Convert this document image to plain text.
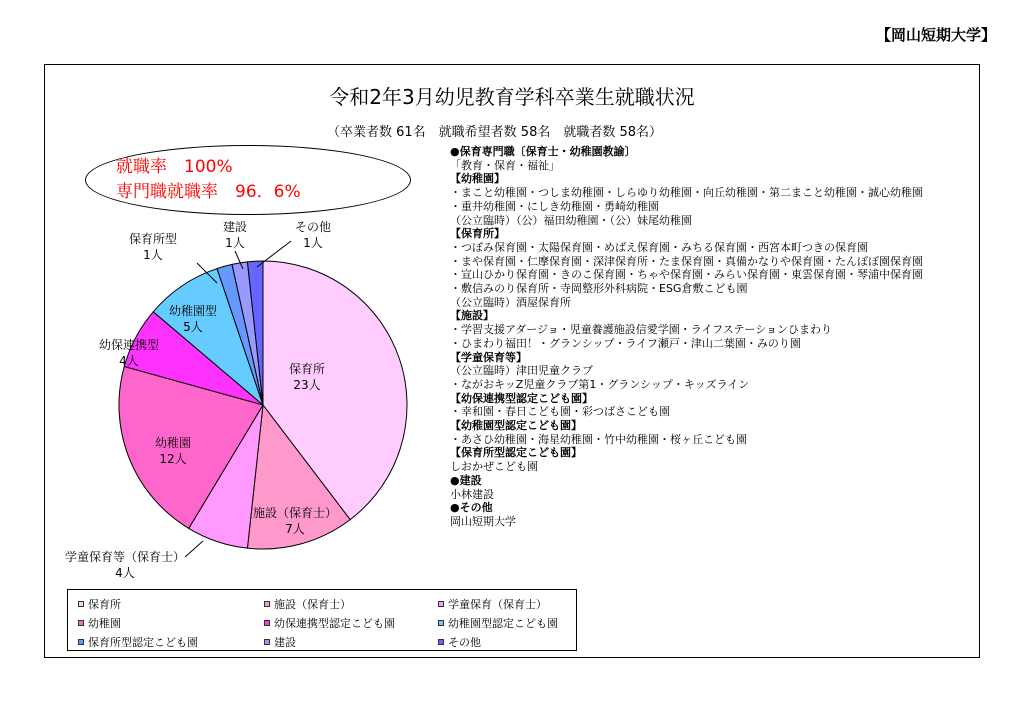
【岡山短期大学】
令和2年3月幼児教育学科卒業生就職状況
（卒業者数 61名　就職希望者数 58名　就職者数 58名）
就職率　100%
専門職就職率　96．6%
●保育専門職〔保育士・幼稚園教諭〕
「教育・保育・福祉」
【幼稚園】
・まこと幼稚園・つしま幼稚園・しらゆり幼稚園・向丘幼稚園・第二まこと幼稚園・誠心幼稚園
・重井幼稚園・にしき幼稚園・勇崎幼稚園
（公立臨時）（公）福田幼稚園・（公）妹尾幼稚園
【保育所】
・つぼみ保育園・太陽保育園・めばえ保育園・みちる保育園・西宮本町つきの保育園
・まや保育園・仁摩保育園・深津保育所・たま保育園・真備かなりや保育園・たんぽぽ園保育園
・宣山ひかり保育園・きのこ保育園・ちゃや保育園・みらい保育園・東雲保育園・琴浦中保育園
・敷信みのり保育所・寺岡整形外科病院・ESG倉敷こども園
（公立臨時）酒屋保育所
【施設】
・学習支援アダージョ・児童養護施設信愛学園・ライフステーションひまわり
・ひまわり福田！・グランシップ・ライフ瀬戸・津山二葉園・みのり園
【学童保育等】
（公立臨時）津田児童クラブ
・ながおキッZ児童クラブ第1・グランシップ・キッズライン
【幼保連携型認定こども園】
・幸和園・春日こども園・彩つばさこども園
【幼稚園型認定こども園】
・あさひ幼稚園・海星幼稚園・竹中幼稚園・桜ヶ丘こども園
【保育所型認定こども園】
しおかぜこども園
●建設
小林建設
●その他
岡山短期大学
保育所
23人
施設（保育士）
7人
学童保育等（保育士）
4人
幼稚園
12人
幼保連携型
4人
幼稚園型
5人
保育所型
1人
建設
1人
その他
1人
保育所	施設（保育士）	学童保育（保育士）
幼稚園	幼保連携型認定こども園	幼稚園型認定こども園
保育所型認定こども園	建設	その他
